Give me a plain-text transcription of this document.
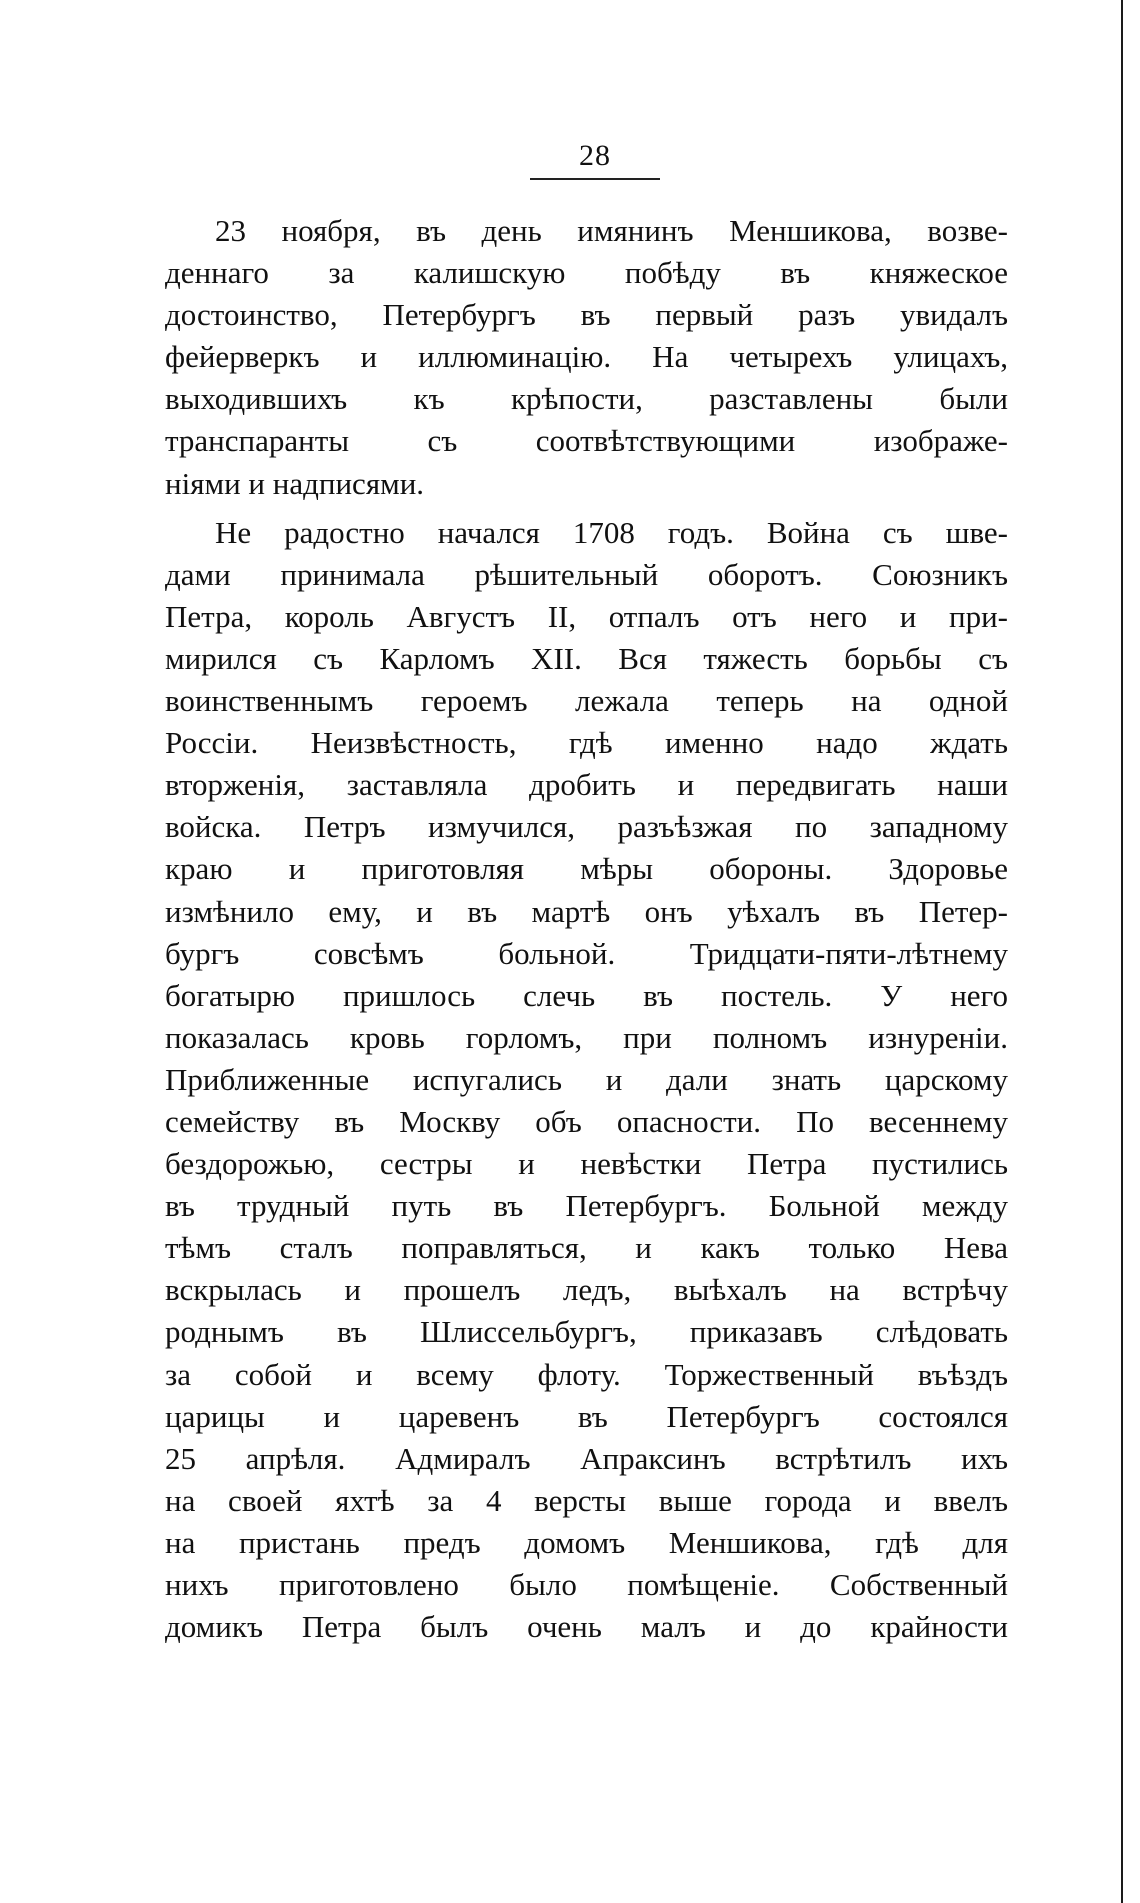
28
23 ноября, въ день имянинъ Меншикова, возве-
деннаго за калишскую побѣду въ княжеское
достоинство, Петербургъ въ первый разъ увидалъ
фейерверкъ и иллюминацію. На четырехъ улицахъ,
выходившихъ къ крѣпости, разставлены были
транспаранты съ соотвѣтствующими изображе-
ніями и надписями.
Не радостно начался 1708 годъ. Война съ шве-
дами принимала рѣшительный оборотъ. Союзникъ
Петра, король Августъ II, отпалъ отъ него и при-
мирился съ Карломъ XII. Вся тяжесть борьбы съ
воинственнымъ героемъ лежала теперь на одной
Россіи. Неизвѣстность, гдѣ именно надо ждать
вторженія, заставляла дробить и передвигать наши
войска. Петръ измучился, разъѣзжая по западному
краю и приготовляя мѣры обороны. Здоровье
измѣнило ему, и въ мартѣ онъ уѣхалъ въ Петер-
бургъ совсѣмъ больной. Тридцати-пяти-лѣтнему
богатырю пришлось слечь въ постель. У него
показалась кровь горломъ, при полномъ изнуреніи.
Приближенные испугались и дали знать царскому
семейству въ Москву объ опасности. По весеннему
бездорожью, сестры и невѣстки Петра пустились
въ трудный путь въ Петербургъ. Больной между
тѣмъ сталъ поправляться, и какъ только Нева
вскрылась и прошелъ ледъ, выѣхалъ на встрѣчу
роднымъ въ Шлиссельбургъ, приказавъ слѣдовать
за собой и всему флоту. Торжественный въѣздъ
царицы и царевенъ въ Петербургъ состоялся
25 апрѣля. Адмиралъ Апраксинъ встрѣтилъ ихъ
на своей яхтѣ за 4 версты выше города и ввелъ
на пристань предъ домомъ Меншикова, гдѣ для
нихъ приготовлено было помѣщеніе. Собственный
домикъ Петра былъ очень малъ и до крайности
